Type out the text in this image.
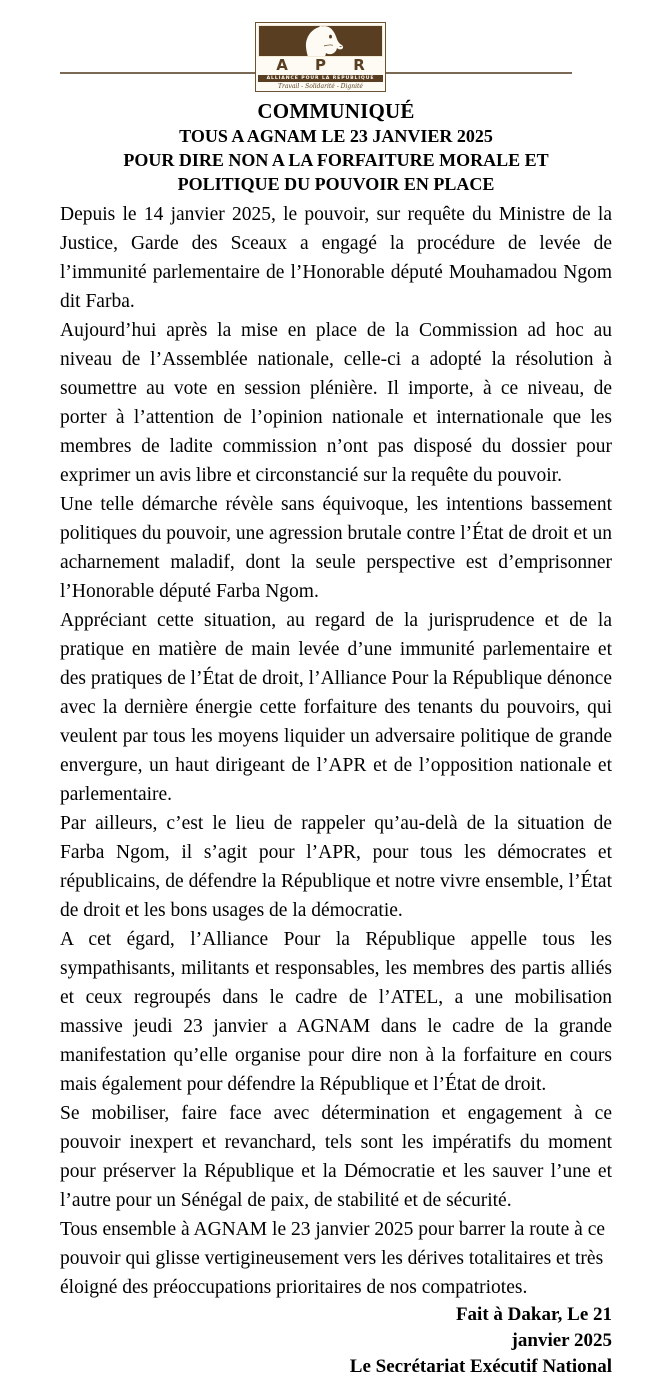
A P R
ALLIANCE POUR LA REPUBLIQUE
Travail - Solidarité - Dignité
COMMUNIQUÉ
TOUS A AGNAM LE 23 JANVIER 2025
POUR DIRE NON A LA FORFAITURE MORALE ET
POLITIQUE DU POUVOIR EN PLACE

Depuis le 14 janvier 2025, le pouvoir, sur requête du Ministre de la Justice, Garde des Sceaux a engagé la procédure de levée de l’immunité parlementaire de l’Honorable député Mouhamadou Ngom dit Farba.

Aujourd’hui après la mise en place de la Commission ad hoc au niveau de l’Assemblée nationale, celle-ci a adopté la résolution à soumettre au vote en session plénière. Il importe, à ce niveau, de porter à l’attention de l’opinion nationale et internationale que les membres de ladite commission n’ont pas disposé du dossier pour exprimer un avis libre et circonstancié sur la requête du pouvoir.

Une telle démarche révèle sans équivoque, les intentions bassement politiques du pouvoir, une agression brutale contre l’État de droit et un acharnement maladif, dont la seule perspective est d’emprisonner l’Honorable député Farba Ngom.

Appréciant cette situation, au regard de la jurisprudence et de la pratique en matière de main levée d’une immunité parlementaire et des pratiques de l’État de droit, l’Alliance Pour la République dénonce avec la dernière énergie cette forfaiture des tenants du pouvoirs, qui veulent par tous les moyens liquider un adversaire politique de grande envergure, un haut dirigeant de l’APR et de l’opposition nationale et parlementaire.

Par ailleurs, c’est le lieu de rappeler qu’au-delà de la situation de Farba Ngom, il s’agit pour l’APR, pour tous les démocrates et républicains, de défendre la République et notre vivre ensemble, l’État de droit et les bons usages de la démocratie.

A cet égard, l’Alliance Pour la République appelle tous les sympathisants, militants et responsables, les membres des partis alliés et ceux regroupés dans le cadre de l’ATEL, a une mobilisation massive jeudi 23 janvier a AGNAM dans le cadre de la grande manifestation qu’elle organise pour dire non à la forfaiture en cours mais également pour défendre la République et l’État de droit.

Se mobiliser, faire face avec détermination et engagement à ce pouvoir inexpert et revanchard, tels sont les impératifs du moment pour préserver la République et la Démocratie et les sauver l’une et l’autre pour un Sénégal de paix, de stabilité et de sécurité.

Tous ensemble à AGNAM le 23 janvier 2025 pour barrer la route à ce pouvoir qui glisse vertigineusement vers les dérives totalitaires et très éloigné des préoccupations prioritaires de nos compatriotes.

Fait à Dakar, Le 21
janvier 2025
Le Secrétariat Exécutif National
